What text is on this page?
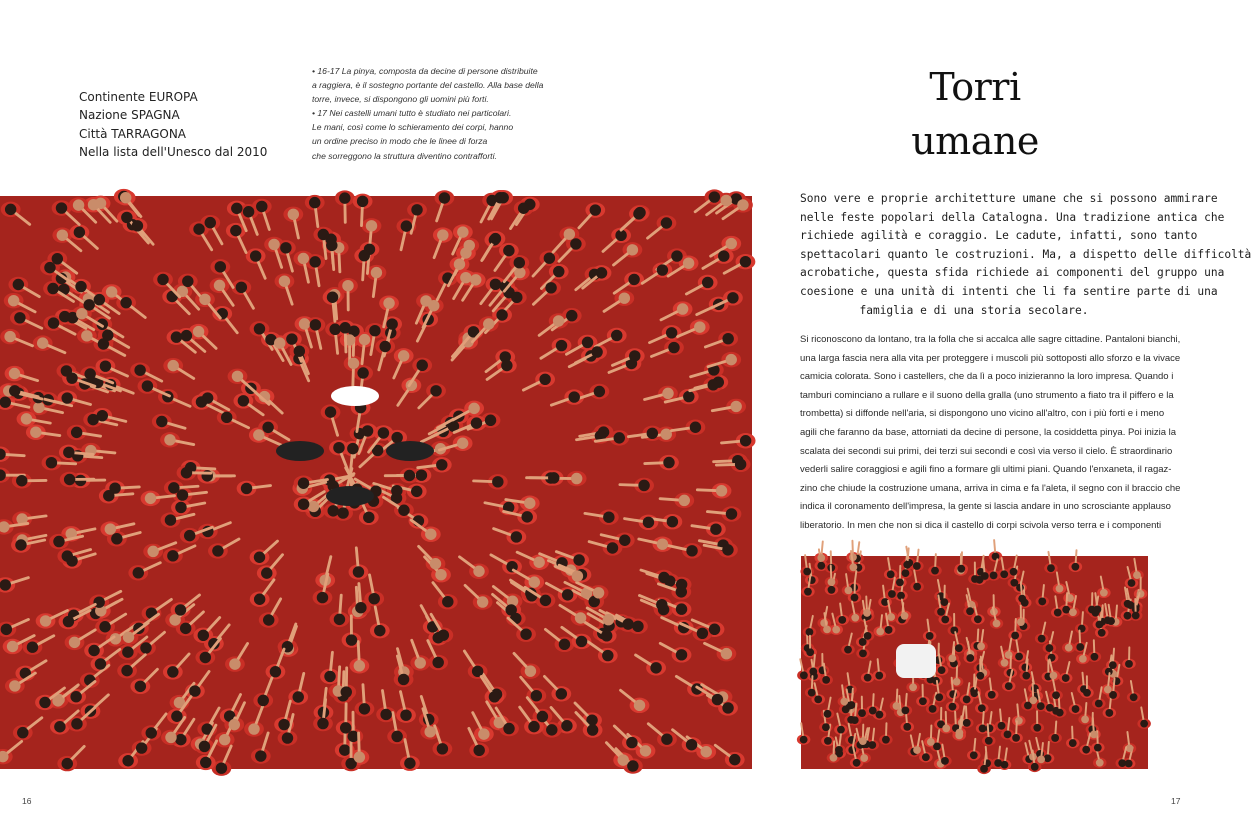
Continente EUROPA
Nazione SPAGNA
Città TARRAGONA
Nella lista dell'Unesco dal 2010
• 16-17 La pinya, composta da decine di persone distribuite
a raggiera, è il sostegno portante del castello. Alla base della
torre, invece, si dispongono gli uomini più forti.
• 17 Nei castelli umani tutto è studiato nei particolari.
Le mani, così come lo schieramento dei corpi, hanno
un ordine preciso in modo che le linee di forza
che sorreggono la struttura diventino contrafforti.
16
Torri
umane
Sono vere e proprie architetture umane che si possono ammirare
nelle feste popolari della Catalogna. Una tradizione antica che
richiede agilità e coraggio. Le cadute, infatti, sono tanto
spettacolari quanto le costruzioni. Ma, a dispetto delle difficoltà
acrobatiche, questa sfida richiede ai componenti del gruppo una
coesione e una unità di intenti che li fa sentire parte di una
famiglia e di una storia secolare.
Si riconoscono da lontano, tra la folla che si accalca alle sagre cittadine. Pantaloni bianchi,
una larga fascia nera alla vita per proteggere i muscoli più sottoposti allo sforzo e la vivace
camicia colorata. Sono i castellers, che da lì a poco inizieranno la loro impresa. Quando i
tamburi cominciano a rullare e il suono della gralla (uno strumento a fiato tra il piffero e la
trombetta) si diffonde nell'aria, si dispongono uno vicino all'altro, con i più forti e i meno
agili che faranno da base, attorniati da decine di persone, la cosiddetta pinya. Poi inizia la
scalata dei secondi sui primi, dei terzi sui secondi e così via verso il cielo. È straordinario
vederli salire coraggiosi e agili fino a formare gli ultimi piani. Quando l'enxaneta, il ragaz-
zino che chiude la costruzione umana, arriva in cima e fa l'aleta, il segno con il braccio che
indica il coronamento dell'impresa, la gente si lascia andare in uno scrosciante applauso
liberatorio. In men che non si dica il castello di corpi scivola verso terra e i componenti
17
